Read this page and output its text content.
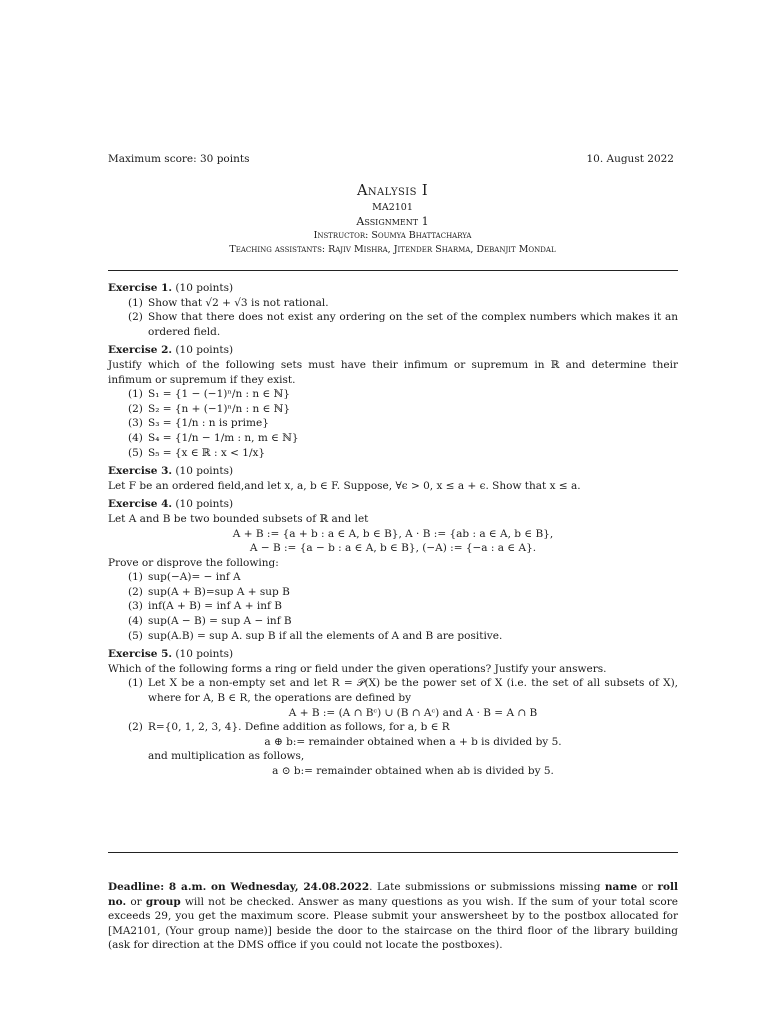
Maximum score: 30 points	10. August 2022
Analysis I
MA2101
Assignment 1
Instructor: Soumya Bhattacharya
Teaching assistants: Rajiv Mishra, Jitender Sharma, Debanjit Mondal
Exercise 1. (10 points)
(1) Show that √2 + √3 is not rational.
(2) Show that there does not exist any ordering on the set of the complex numbers which makes it an ordered field.
Exercise 2. (10 points)
Justify which of the following sets must have their infimum or supremum in ℝ and determine their infimum or supremum if they exist.
(1) S₁ = {1 − (−1)ⁿ/n : n ∈ ℕ}
(2) S₂ = {n + (−1)ⁿ/n : n ∈ ℕ}
(3) S₃ = {1/n : n is prime}
(4) S₄ = {1/n − 1/m : n, m ∈ ℕ}
(5) S₅ = {x ∈ ℝ : x < 1/x}
Exercise 3. (10 points)
Let F be an ordered field,and let x, a, b ∈ F. Suppose, ∀ϵ > 0, x ≤ a + ϵ. Show that x ≤ a.
Exercise 4. (10 points)
Let A and B be two bounded subsets of ℝ and let
A + B := {a + b : a ∈ A, b ∈ B}, A · B := {ab : a ∈ A, b ∈ B},
A − B := {a − b : a ∈ A, b ∈ B}, (−A) := {−a : a ∈ A}.
Prove or disprove the following:
(1) sup(−A)= − inf A
(2) sup(A + B)=sup A + sup B
(3) inf(A + B) = inf A + inf B
(4) sup(A − B) = sup A − inf B
(5) sup(A.B) = sup A. sup B if all the elements of A and B are positive.
Exercise 5. (10 points)
Which of the following forms a ring or field under the given operations? Justify your answers.
(1) Let X be a non-empty set and let R = 𝒫(X) be the power set of X (i.e. the set of all subsets of X), where for A, B ∈ R, the operations are defined by
A + B := (A ∩ Bᶜ) ∪ (B ∩ Aᶜ) and A · B = A ∩ B
(2) R={0, 1, 2, 3, 4}. Define addition as follows, for a, b ∈ R
a ⊕ b:= remainder obtained when a + b is divided by 5.
and multiplication as follows,
a ⊙ b:= remainder obtained when ab is divided by 5.
Deadline: 8 a.m. on Wednesday, 24.08.2022. Late submissions or submissions missing name or roll no. or group will not be checked. Answer as many questions as you wish. If the sum of your total score exceeds 29, you get the maximum score. Please submit your answersheet by to the postbox allocated for [MA2101, (Your group name)] beside the door to the staircase on the third floor of the library building (ask for direction at the DMS office if you could not locate the postboxes).
